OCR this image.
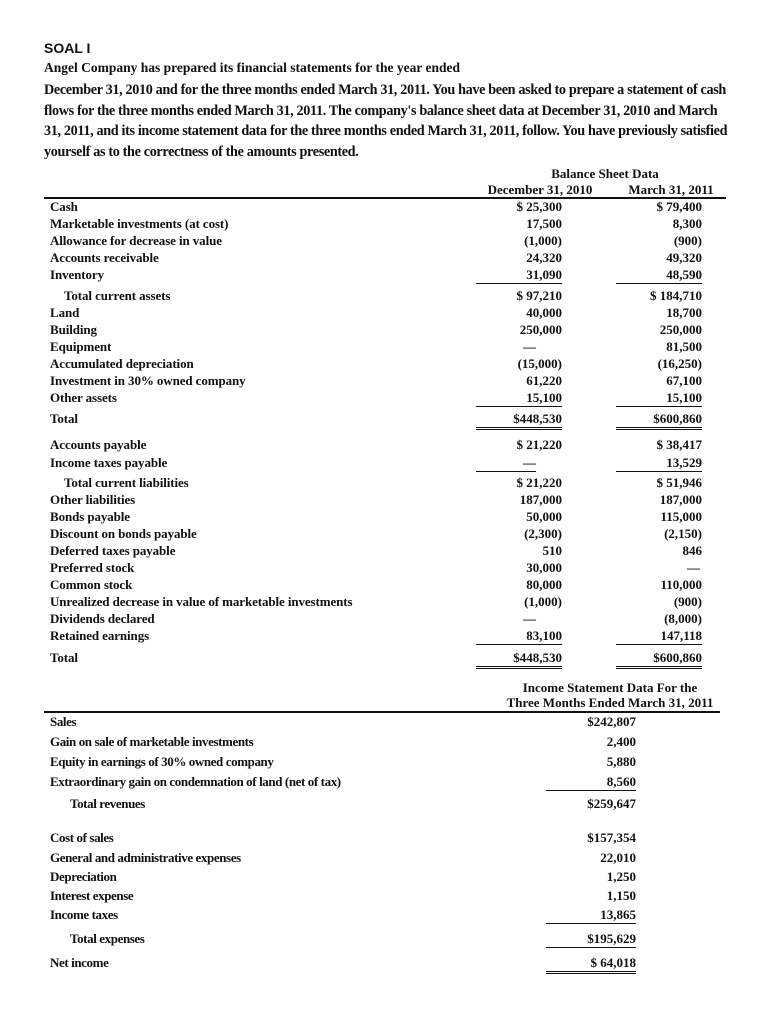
SOAL I
Angel Company has prepared its financial statements for the year ended
December 31, 2010 and for the three months ended March 31, 2011. You have been asked to prepare a statement of cash flows for the three months ended March 31, 2011. The company's balance sheet data at December 31, 2010 and March 31, 2011, and its income statement data for the three months ended March 31, 2011, follow. You have previously satisfied yourself as to the correctness of the amounts presented.
Balance Sheet Data
December 31, 2010	March 31, 2011
Cash	$ 25,300	$ 79,400
Marketable investments (at cost)	17,500	8,300
Allowance for decrease in value	(1,000)	(900)
Accounts receivable	24,320	49,320
Inventory	31,090	48,590
Total current assets	$ 97,210	$ 184,710
Land	40,000	18,700
Building	250,000	250,000
Equipment	—	81,500
Accumulated depreciation	(15,000)	(16,250)
Investment in 30% owned company	61,220	67,100
Other assets	15,100	15,100
Total	$448,530	$600,860
Accounts payable	$ 21,220	$ 38,417
Income taxes payable	—	13,529
Total current liabilities	$ 21,220	$ 51,946
Other liabilities	187,000	187,000
Bonds payable	50,000	115,000
Discount on bonds payable	(2,300)	(2,150)
Deferred taxes payable	510	846
Preferred stock	30,000	—
Common stock	80,000	110,000
Unrealized decrease in value of marketable investments	(1,000)	(900)
Dividends declared	—	(8,000)
Retained earnings	83,100	147,118
Total	$448,530	$600,860
Income Statement Data For the
Three Months Ended March 31, 2011
Sales	$242,807
Gain on sale of marketable investments	2,400
Equity in earnings of 30% owned company	5,880
Extraordinary gain on condemnation of land (net of tax)	8,560
Total revenues	$259,647
Cost of sales	$157,354
General and administrative expenses	22,010
Depreciation	1,250
Interest expense	1,150
Income taxes	13,865
Total expenses	$195,629
Net income	$ 64,018
